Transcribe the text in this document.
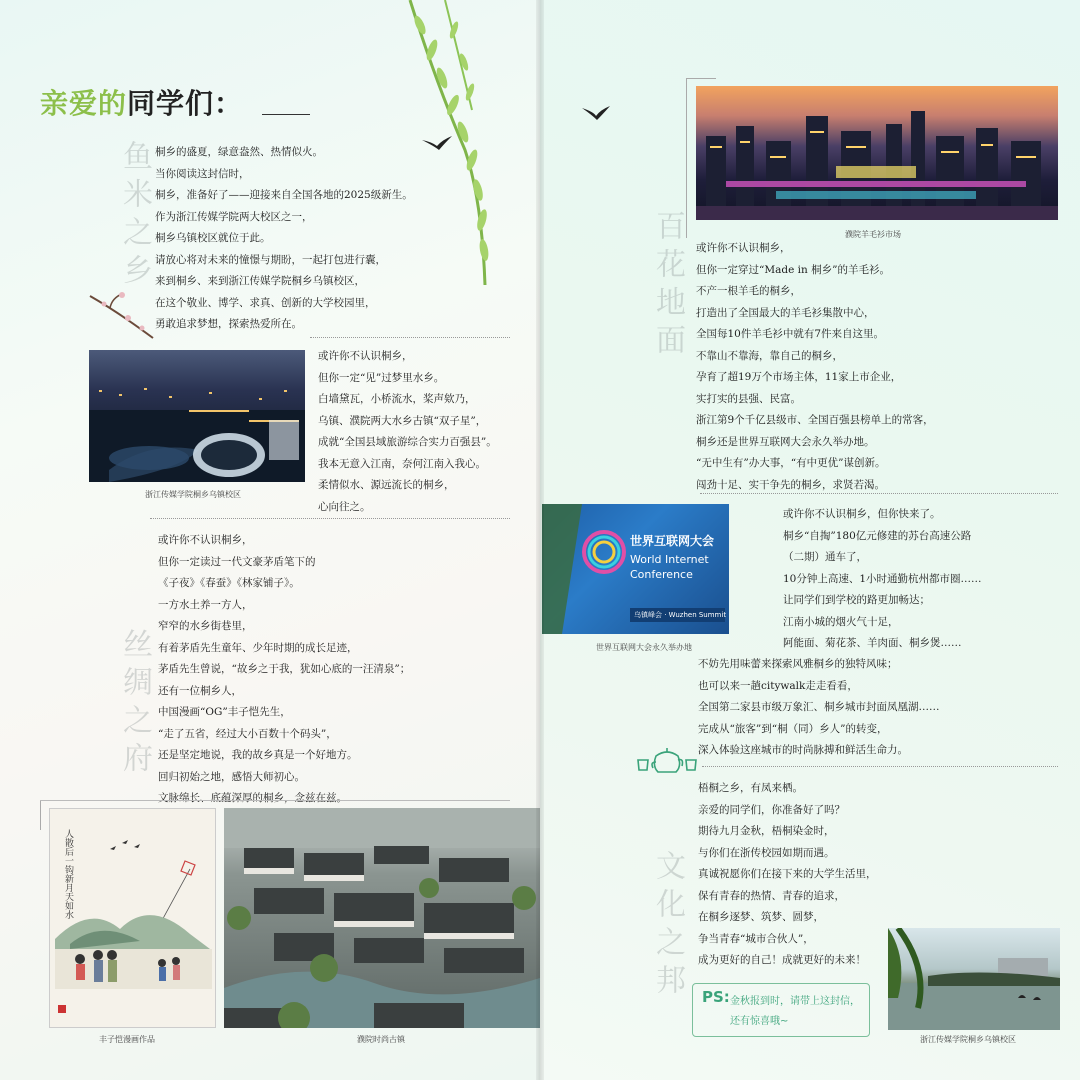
鱼米之乡
丝绸之府
亲爱的同学们：
桐乡的盛夏，绿意盎然、热情似火。
当你阅读这封信时，
桐乡，准备好了——迎接来自全国各地的2025级新生。
作为浙江传媒学院两大校区之一，
桐乡乌镇校区就位于此。
请放心将对未来的憧憬与期盼，一起打包进行囊，
来到桐乡、来到浙江传媒学院桐乡乌镇校区，
在这个敬业、博学、求真、创新的大学校园里，
勇敢追求梦想，探索热爱所在。
浙江传媒学院桐乡乌镇校区
或许你不认识桐乡，
但你一定“见”过梦里水乡。
白墙黛瓦，小桥流水，桨声欸乃，
乌镇、濮院两大水乡古镇“双子星”，
成就“全国县域旅游综合实力百强县”。
我本无意入江南，奈何江南入我心。
柔情似水、源远流长的桐乡，
心向往之。
或许你不认识桐乡，
但你一定读过一代文豪茅盾笔下的
《子夜》《春蚕》《林家铺子》。
一方水土养一方人，
窄窄的水乡街巷里，
有着茅盾先生童年、少年时期的成长足迹，
茅盾先生曾说，“故乡之于我，犹如心底的一汪清泉”；
还有一位桐乡人，
中国漫画“OG”丰子恺先生，
“走了五省，经过大小百数十个码头”，
还是坚定地说，我的故乡真是一个好地方。
回归初始之地，感悟大师初心。
文脉绵长、底蕴深厚的桐乡，念兹在兹。
人散后一钩新月天如水
丰子恺漫画作品	濮院时尚古镇
百花地面
文化之邦
濮院羊毛衫市场
或许你不认识桐乡，
但你一定穿过“Made in 桐乡”的羊毛衫。
不产一根羊毛的桐乡，
打造出了全国最大的羊毛衫集散中心，
全国每10件羊毛衫中就有7件来自这里。
不靠山不靠海，靠自己的桐乡，
孕育了超19万个市场主体，11家上市企业，
实打实的县强、民富。
浙江第9个千亿县级市、全国百强县榜单上的常客，
桐乡还是世界互联网大会永久举办地。
“无中生有”办大事，“有中更优”谋创新。
闯劲十足、实干争先的桐乡，求贤若渴。
世界互联网大会
World Internet
Conference
乌镇峰会 · Wuzhen Summit
世界互联网大会永久举办地
或许你不认识桐乡，但你快来了。
桐乡“自掏”180亿元修建的苏台高速公路
（二期）通车了，
10分钟上高速、1小时通勤杭州都市圈……
让同学们到学校的路更加畅达；
江南小城的烟火气十足，
阿能面、菊花茶、羊肉面、桐乡煲……
不妨先用味蕾来探索风雅桐乡的独特风味；
也可以来一趟citywalk走走看看，
全国第二家县市级万象汇、桐乡城市封面凤凰湖……
完成从“旅客”到“桐（同）乡人”的转变，
深入体验这座城市的时尚脉搏和鲜活生命力。
梧桐之乡，有凤来栖。
亲爱的同学们，你准备好了吗？
期待九月金秋，梧桐染金时，
与你们在浙传校园如期而遇。
真诚祝愿你们在接下来的大学生活里，
保有青春的热情、青春的追求，
在桐乡逐梦、筑梦、圆梦，
争当青春“城市合伙人”，
成为更好的自己！成就更好的未来！
浙江传媒学院桐乡乌镇校区
PS: 金秋报到时，请带上这封信，
还有惊喜哦~
